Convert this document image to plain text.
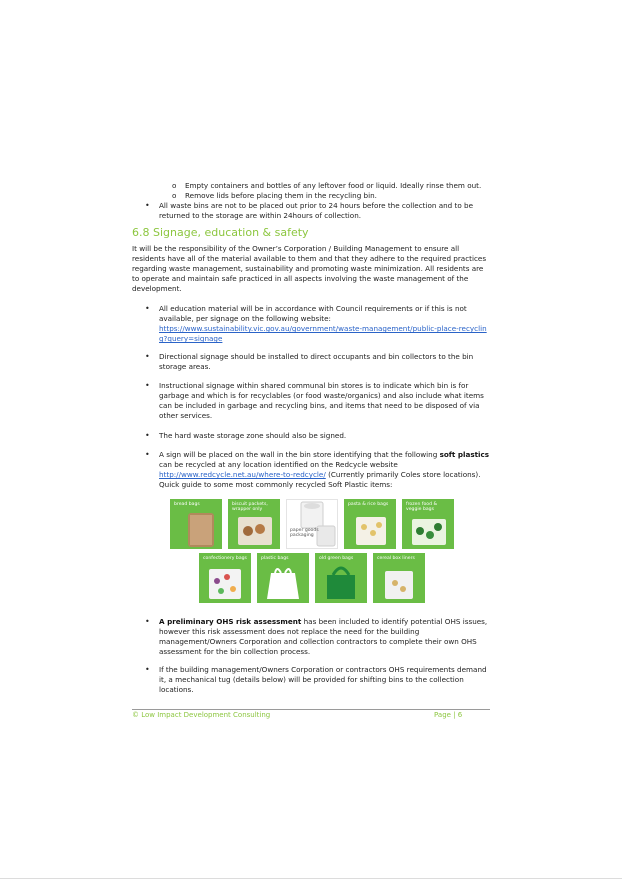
o Empty containers and bottles of any leftover food or liquid. Ideally rinse them out.
o Remove lids before placing them in the recycling bin.
• All waste bins are not to be placed out prior to 24 hours before the collection and to be returned to the storage are within 24hours of collection.
6.8 Signage, education & safety
It will be the responsibility of the Owner’s Corporation / Building Management to ensure all residents have all of the material available to them and that they adhere to the required practices regarding waste management, sustainability and promoting waste minimization. All residents are to operate and maintain safe practiced in all aspects involving the waste management of the development.
• All education material will be in accordance with Council requirements or if this is not available, per signage on the following website:
https://www.sustainability.vic.gov.au/government/waste-management/public-place-recycling?query=signage
• Directional signage should be installed to direct occupants and bin collectors to the bin storage areas.
• Instructional signage within shared communal bin stores is to indicate which bin is for garbage and which is for recyclables (or food waste/organics) and also include what items can be included in garbage and recycling bins, and items that need to be disposed of via other services.
• The hard waste storage zone should also be signed.
• A sign will be placed on the wall in the bin store identifying that the following soft plastics can be recycled at any location identified on the Redcycle website http://www.redcycle.net.au/where-to-redcycle/ (Currently primarily Coles store locations). Quick guide to some most commonly recycled Soft Plastic items:
bread bags	biscuit packets, wrapper only
paper goods packaging
pasta & rice bags	frozen food & veggie bags
confectionery bags	plastic bags	old green bags	cereal box liners
• A preliminary OHS risk assessment has been included to identify potential OHS issues, however this risk assessment does not replace the need for the building management/Owners Corporation and collection contractors to complete their own OHS assessment for the bin collection process.
• If the building management/Owners Corporation or contractors OHS requirements demand it, a mechanical tug (details below) will be provided for shifting bins to the collection locations.
© Low Impact Development Consulting	Page | 6
